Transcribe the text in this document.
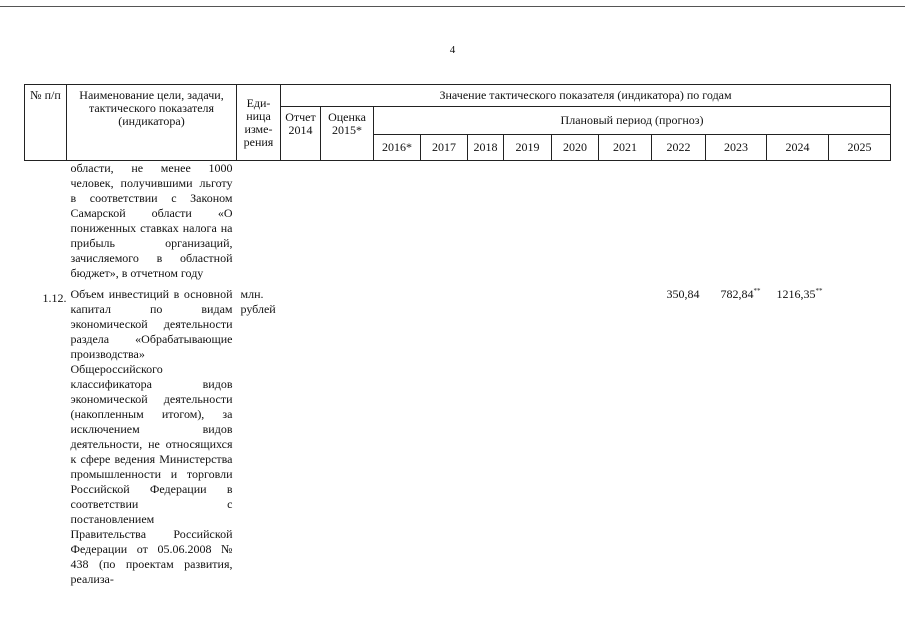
4
№ п/п	Наименование цели, задачи, тактического показателя (индикатора)	Единица измерения	Значение тактического показателя (индикатора) по годам											
			Отчет 2014	Оценка 2015*	Плановый период (прогноз)									
					2016*	2017	2018	2019	2020	2021	2022	2023	2024	2025
	области, не менее 1000 человек, получившими льготу в соответствии с Законом Самарской области «О пониженных ставках налога на прибыль организаций, зачисляемого в областной бюджет», в отчетном году													

1.12.	Объем инвестиций в основной капитал по видам экономической деятельности раздела «Обрабатывающие производства» Общероссийского классификатора видов экономической деятельности (накопленным итогом), за исключением видов деятельности, не относящихся к сфере ведения Министерства промышленности и торговли Российской Федерации в соответствии с постановлением Правительства Российской Федерации от 05.06.2008 № 438 (по проектам развития, реализа-	млн. рублей									350,84	782,84**	1216,35**	
